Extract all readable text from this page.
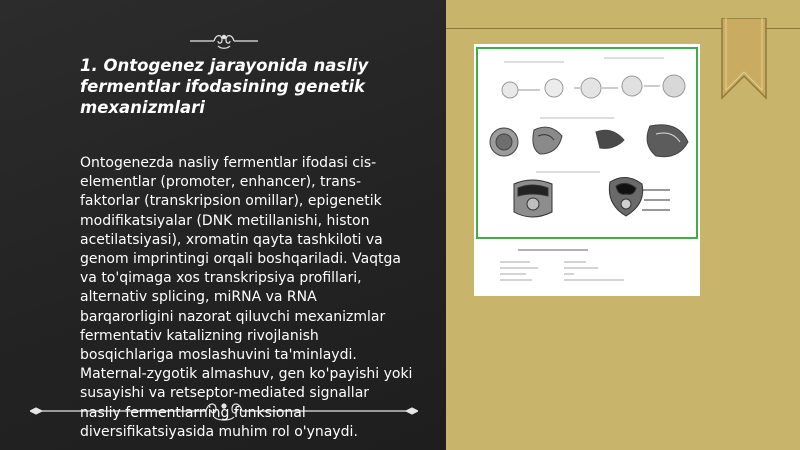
1. Ontogenez jarayonida nasliy fermentlar ifodasining genetik mexanizmlari
Ontogenezda nasliy fermentlar ifodasi cis-elementlar (promoter, enhancer), trans-faktorlar (transkripsion omillar), epigenetik modifikatsiyalar (DNK metillanishi, histon acetilatsiyasi), xromatin qayta tashkiloti va genom imprintingi orqali boshqariladi. Vaqtga va to'qimaga xos transkripsiya profillari, alternativ splicing, miRNA va RNA barqarorligini nazorat qiluvchi mexanizmlar fermentativ katalizning rivojlanish bosqichlariga moslashuvini ta'minlaydi. Maternal-zygotik almashuv, gen ko'payishi yoki susayishi va retseptor-mediated signallar nasliy fermentlarning funksional diversifikatsiyasida muhim rol o'ynaydi.
